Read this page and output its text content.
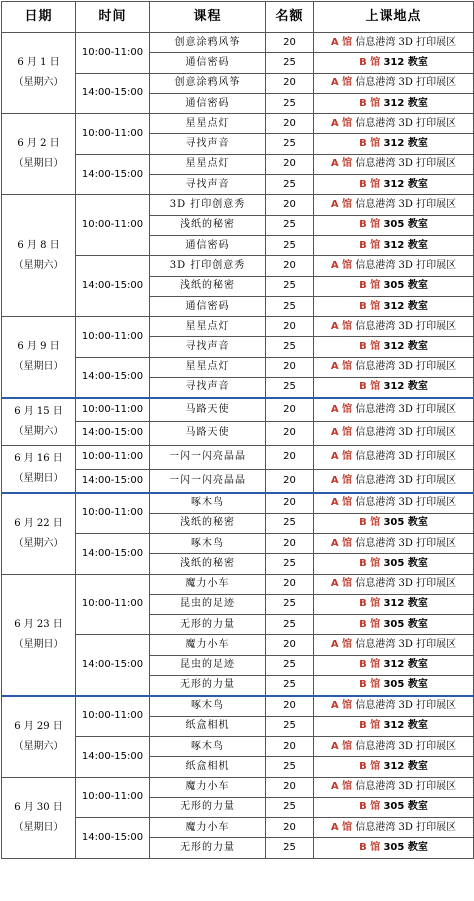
日期	时间	课程	名额	上课地点

6 月 1 日
（星期六）	10:00-11:00	创意涂鸦风筝	20	A 馆 信息港湾 3D 打印展区
		通信密码	25	B 馆 312 教室
	14:00-15:00	创意涂鸦风筝	20	A 馆 信息港湾 3D 打印展区
		通信密码	25	B 馆 312 教室

6 月 2 日
（星期日）	10:00-11:00	星星点灯	20	A 馆 信息港湾 3D 打印展区
		寻找声音	25	B 馆 312 教室
	14:00-15:00	星星点灯	20	A 馆 信息港湾 3D 打印展区
		寻找声音	25	B 馆 312 教室

6 月 8 日
（星期六）	10:00-11:00	3D 打印创意秀	20	A 馆 信息港湾 3D 打印展区
		浅纸的秘密	25	B 馆 305 教室
		通信密码	25	B 馆 312 教室
	14:00-15:00	3D 打印创意秀	20	A 馆 信息港湾 3D 打印展区
		浅纸的秘密	25	B 馆 305 教室
		通信密码	25	B 馆 312 教室

6 月 9 日
（星期日）	10:00-11:00	星星点灯	20	A 馆 信息港湾 3D 打印展区
		寻找声音	25	B 馆 312 教室
	14:00-15:00	星星点灯	20	A 馆 信息港湾 3D 打印展区
		寻找声音	25	B 馆 312 教室

6 月 15 日
（星期六）	10:00-11:00	马路天使	20	A 馆 信息港湾 3D 打印展区
	14:00-15:00	马路天使	20	A 馆 信息港湾 3D 打印展区

6 月 16 日
（星期日）	10:00-11:00	一闪一闪亮晶晶	20	A 馆 信息港湾 3D 打印展区
	14:00-15:00	一闪一闪亮晶晶	20	A 馆 信息港湾 3D 打印展区

6 月 22 日
（星期六）	10:00-11:00	啄木鸟	20	A 馆 信息港湾 3D 打印展区
		浅纸的秘密	25	B 馆 305 教室
	14:00-15:00	啄木鸟	20	A 馆 信息港湾 3D 打印展区
		浅纸的秘密	25	B 馆 305 教室

6 月 23 日
（星期日）	10:00-11:00	魔力小车	20	A 馆 信息港湾 3D 打印展区
		昆虫的足迹	25	B 馆 312 教室
		无形的力量	25	B 馆 305 教室
	14:00-15:00	魔力小车	20	A 馆 信息港湾 3D 打印展区
		昆虫的足迹	25	B 馆 312 教室
		无形的力量	25	B 馆 305 教室

6 月 29 日
（星期六）	10:00-11:00	啄木鸟	20	A 馆 信息港湾 3D 打印展区
		纸盒相机	25	B 馆 312 教室
	14:00-15:00	啄木鸟	20	A 馆 信息港湾 3D 打印展区
		纸盒相机	25	B 馆 312 教室

6 月 30 日
（星期日）	10:00-11:00	魔力小车	20	A 馆 信息港湾 3D 打印展区
		无形的力量	25	B 馆 305 教室
	14:00-15:00	魔力小车	20	A 馆 信息港湾 3D 打印展区
		无形的力量	25	B 馆 305 教室
